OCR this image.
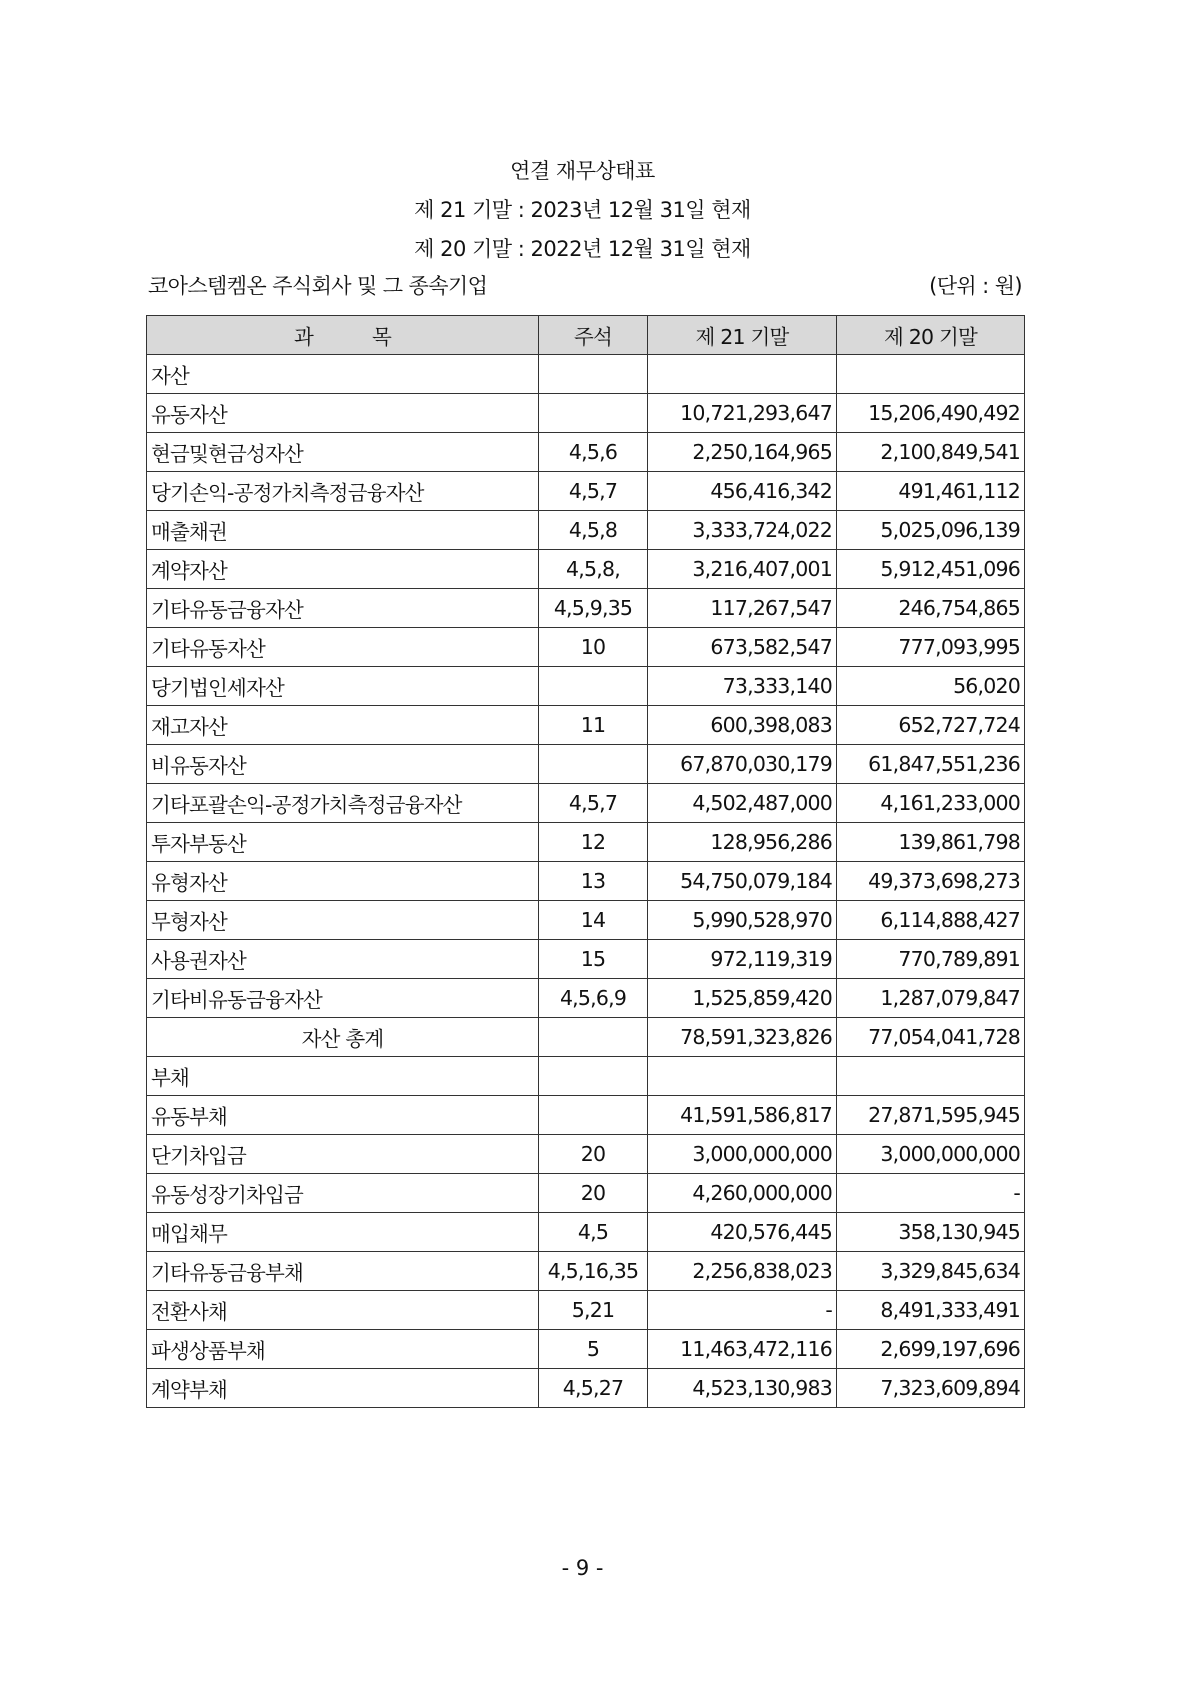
연결 재무상태표
제 21 기말 : 2023년 12월 31일 현재
제 20 기말 : 2022년 12월 31일 현재
코아스템켐온 주식회사 및 그 종속기업	(단위 : 원)
과　　　목	주석	제 21 기말	제 20 기말
자산			
유동자산		10,721,293,647	15,206,490,492
현금및현금성자산	4,5,6	2,250,164,965	2,100,849,541
당기손익-공정가치측정금융자산	4,5,7	456,416,342	491,461,112
매출채권	4,5,8	3,333,724,022	5,025,096,139
계약자산	4,5,8,	3,216,407,001	5,912,451,096
기타유동금융자산	4,5,9,35	117,267,547	246,754,865
기타유동자산	10	673,582,547	777,093,995
당기법인세자산		73,333,140	56,020
재고자산	11	600,398,083	652,727,724
비유동자산		67,870,030,179	61,847,551,236
기타포괄손익-공정가치측정금융자산	4,5,7	4,502,487,000	4,161,233,000
투자부동산	12	128,956,286	139,861,798
유형자산	13	54,750,079,184	49,373,698,273
무형자산	14	5,990,528,970	6,114,888,427
사용권자산	15	972,119,319	770,789,891
기타비유동금융자산	4,5,6,9	1,525,859,420	1,287,079,847
자산 총계		78,591,323,826	77,054,041,728
부채			
유동부채		41,591,586,817	27,871,595,945
단기차입금	20	3,000,000,000	3,000,000,000
유동성장기차입금	20	4,260,000,000	-
매입채무	4,5	420,576,445	358,130,945
기타유동금융부채	4,5,16,35	2,256,838,023	3,329,845,634
전환사채	5,21	-	8,491,333,491
파생상품부채	5	11,463,472,116	2,699,197,696
계약부채	4,5,27	4,523,130,983	7,323,609,894
- 9 -
